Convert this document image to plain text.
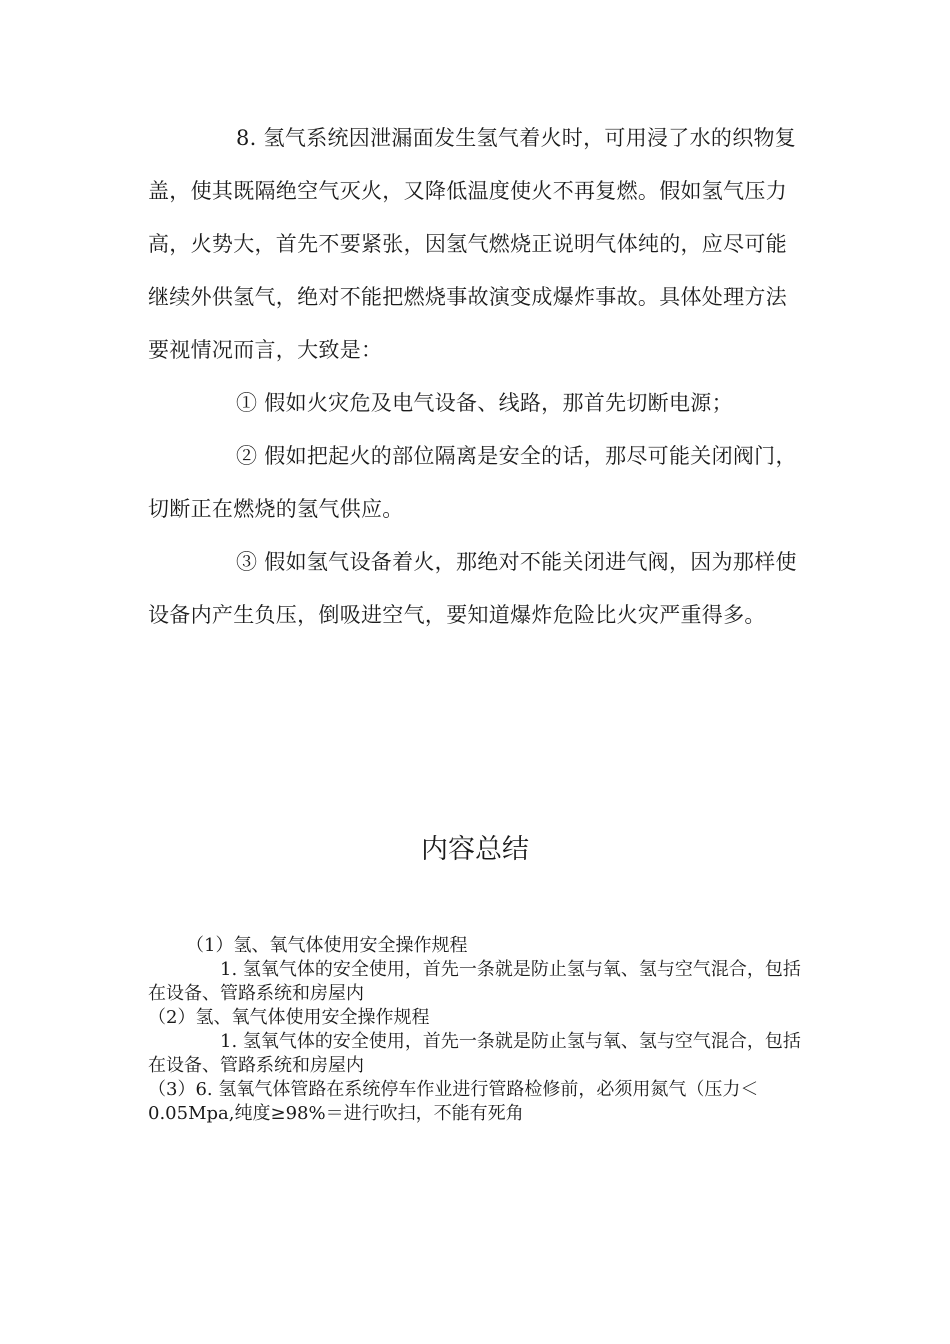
8. 氢气系统因泄漏面发生氢气着火时，可用浸了水的织物复盖，使其既隔绝空气灭火，又降低温度使火不再复燃。假如氢气压力高，火势大，首先不要紧张，因氢气燃烧正说明气体纯的，应尽可能继续外供氢气，绝对不能把燃烧事故演变成爆炸事故。具体处理方法要视情况而言，大致是：

① 假如火灾危及电气设备、线路，那首先切断电源；

② 假如把起火的部位隔离是安全的话，那尽可能关闭阀门，切断正在燃烧的氢气供应。

③ 假如氢气设备着火，那绝对不能关闭进气阀，因为那样使设备内产生负压，倒吸进空气，要知道爆炸危险比火灾严重得多。

内容总结

（1）氢、氧气体使用安全操作规程

1. 氢氧气体的安全使用，首先一条就是防止氢与氧、氢与空气混合，包括在设备、管路系统和房屋内

（2）氢、氧气体使用安全操作规程

1. 氢氧气体的安全使用，首先一条就是防止氢与氧、氢与空气混合，包括在设备、管路系统和房屋内

（3）6. 氢氧气体管路在系统停车作业进行管路检修前，必须用氮气（压力＜0.05Mpa,纯度≥98%＝进行吹扫，不能有死角
